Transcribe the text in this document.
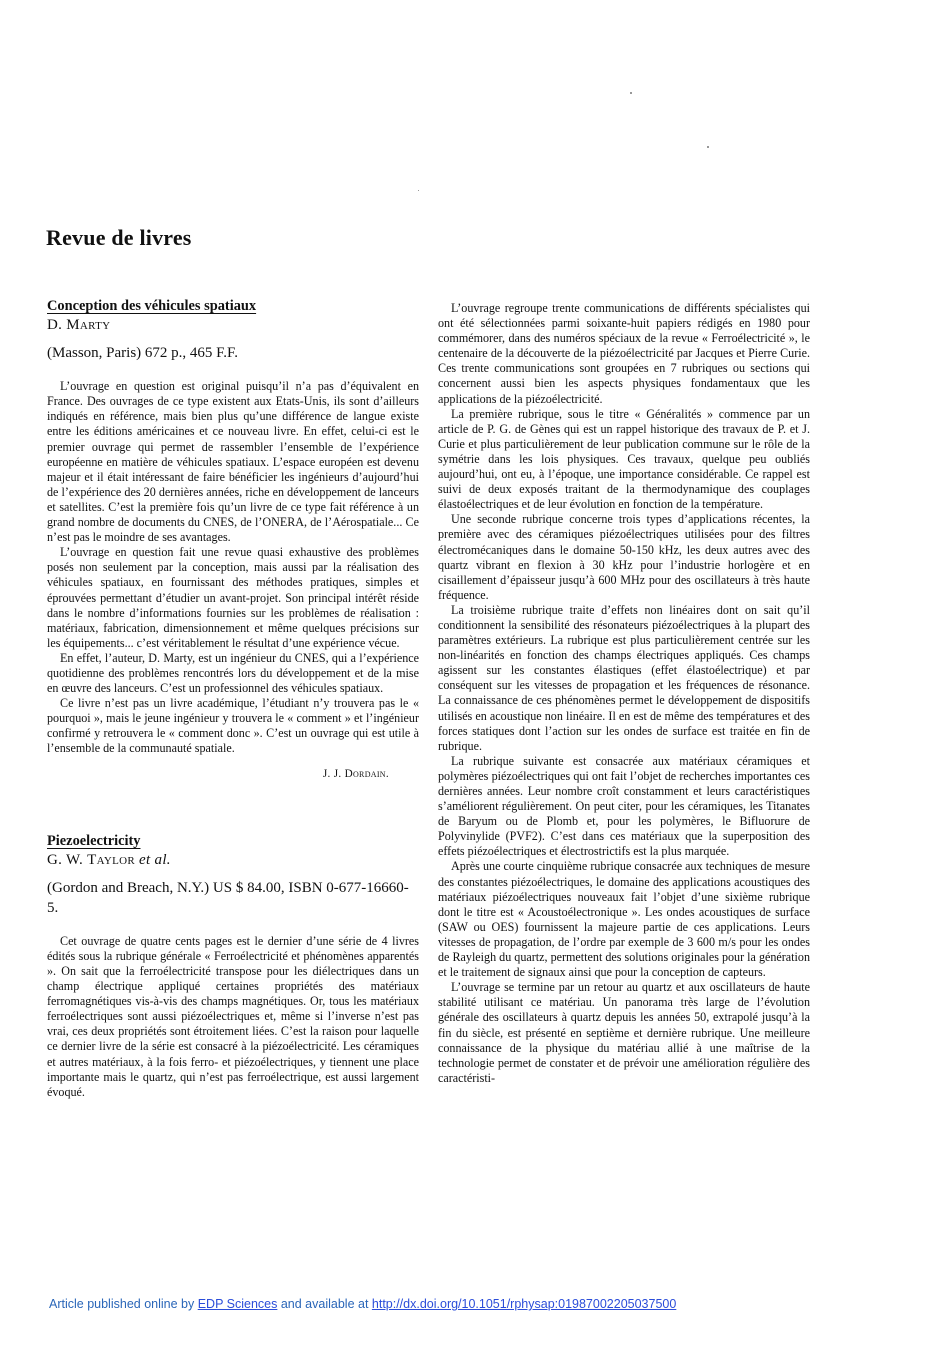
Revue de livres
Conception des véhicules spatiaux
D. Marty
(Masson, Paris) 672 p., 465 F.F.

L’ouvrage en question est original puisqu’il n’a pas d’équivalent en France. Des ouvrages de ce type existent aux Etats-Unis, ils sont d’ailleurs indiqués en référence, mais bien plus qu’une différence de langue existe entre les éditions américaines et ce nouveau livre. En effet, celui-ci est le premier ouvrage qui permet de rassembler l’ensemble de l’expérience européenne en matière de véhicules spatiaux. L’espace européen est devenu majeur et il était intéressant de faire bénéficier les ingénieurs d’aujourd’hui de l’expérience des 20 dernières années, riche en développement de lanceurs et satellites. C’est la première fois qu’un livre de ce type fait référence à un grand nombre de documents du CNES, de l’ONERA, de l’Aérospatiale... Ce n’est pas le moindre de ses avantages.

L’ouvrage en question fait une revue quasi exhaustive des problèmes posés non seulement par la conception, mais aussi par la réalisation des véhicules spatiaux, en fournissant des méthodes pratiques, simples et éprouvées permettant d’étudier un avant-projet. Son principal intérêt réside dans le nombre d’informations fournies sur les problèmes de réalisation : matériaux, fabrication, dimensionnement et même quelques précisions sur les équipements... c’est véritablement le résultat d’une expérience vécue.

En effet, l’auteur, D. Marty, est un ingénieur du CNES, qui a l’expérience quotidienne des problèmes rencontrés lors du développement et de la mise en œuvre des lanceurs. C’est un professionnel des véhicules spatiaux.

Ce livre n’est pas un livre académique, l’étudiant n’y trouvera pas le « pourquoi », mais le jeune ingénieur y trouvera le « comment » et l’ingénieur confirmé y retrouvera le « comment donc ». C’est un ouvrage qui est utile à l’ensemble de la communauté spatiale.

J. J. Dordain.
Piezoelectricity
G. W. Taylor et al.
(Gordon and Breach, N.Y.) US $ 84.00, ISBN 0-677-16660-5.

Cet ouvrage de quatre cents pages est le dernier d’une série de 4 livres édités sous la rubrique générale « Ferroélectricité et phénomènes apparentés ». On sait que la ferroélectricité transpose pour les diélectriques dans un champ électrique appliqué certaines propriétés des matériaux ferromagnétiques vis-à-vis des champs magnétiques. Or, tous les matériaux ferroélectriques sont aussi piézoélectriques et, même si l’inverse n’est pas vrai, ces deux propriétés sont étroitement liées. C’est la raison pour laquelle ce dernier livre de la série est consacré à la piézoélectricité. Les céramiques et autres matériaux, à la fois ferro- et piézoélectriques, y tiennent une place importante mais le quartz, qui n’est pas ferroélectrique, est aussi largement évoqué.

L’ouvrage regroupe trente communications de différents spécialistes qui ont été sélectionnées parmi soixante-huit papiers rédigés en 1980 pour commémorer, dans des numéros spéciaux de la revue « Ferroélectricité », le centenaire de la découverte de la piézoélectricité par Jacques et Pierre Curie. Ces trente communications sont groupées en 7 rubriques ou sections qui concernent aussi bien les aspects physiques fondamentaux que les applications de la piézoélectricité.

La première rubrique, sous le titre « Généralités » commence par un article de P. G. de Gènes qui est un rappel historique des travaux de P. et J. Curie et plus particulièrement de leur publication commune sur le rôle de la symétrie dans les lois physiques. Ces travaux, quelque peu oubliés aujourd’hui, ont eu, à l’époque, une importance considérable. Ce rappel est suivi de deux exposés traitant de la thermodynamique des couplages élastoélectriques et de leur évolution en fonction de la température.

Une seconde rubrique concerne trois types d’applications récentes, la première avec des céramiques piézoélectriques utilisées pour des filtres électromécaniques dans le domaine 50-150 kHz, les deux autres avec des quartz vibrant en flexion à 30 kHz pour l’industrie horlogère et en cisaillement d’épaisseur jusqu’à 600 MHz pour des oscillateurs à très haute fréquence.

La troisième rubrique traite d’effets non linéaires dont on sait qu’il conditionnent la sensibilité des résonateurs piézoélectriques à la plupart des paramètres extérieurs. La rubrique est plus particulièrement centrée sur les non-linéarités en fonction des champs électriques appliqués. Ces champs agissent sur les constantes élastiques (effet élastoélectrique) et par conséquent sur les vitesses de propagation et les fréquences de résonance. La connaissance de ces phénomènes permet le développement de dispositifs utilisés en acoustique non linéaire. Il en est de même des températures et des forces statiques dont l’action sur les ondes de surface est traitée en fin de rubrique.

La rubrique suivante est consacrée aux matériaux céramiques et polymères piézoélectriques qui ont fait l’objet de recherches importantes ces dernières années. Leur nombre croît constamment et leurs caractéristiques s’améliorent régulièrement. On peut citer, pour les céramiques, les Titanates de Baryum ou de Plomb et, pour les polymères, le Bifluorure de Polyvinylide (PVF2). C’est dans ces matériaux que la superposition des effets piézoélectriques et électrostrictifs est la plus marquée.

Après une courte cinquième rubrique consacrée aux techniques de mesure des constantes piézoélectriques, le domaine des applications acoustiques des matériaux piézoélectriques nouveaux fait l’objet d’une sixième rubrique dont le titre est « Acoustoélectronique ». Les ondes acoustiques de surface (SAW ou OES) fournissent la majeure partie de ces applications. Leurs vitesses de propagation, de l’ordre par exemple de 3 600 m/s pour les ondes de Rayleigh du quartz, permettent des solutions originales pour la génération et le traitement de signaux ainsi que pour la conception de capteurs.

L’ouvrage se termine par un retour au quartz et aux oscillateurs de haute stabilité utilisant ce matériau. Un panorama très large de l’évolution générale des oscillateurs à quartz depuis les années 50, extrapolé jusqu’à la fin du siècle, est présenté en septième et dernière rubrique. Une meilleure connaissance de la physique du matériau allié à une maîtrise de la technologie permet de constater et de prévoir une amélioration régulière des caractéristi-

Article published online by EDP Sciences and available at http://dx.doi.org/10.1051/rphysap:01987002205037500
